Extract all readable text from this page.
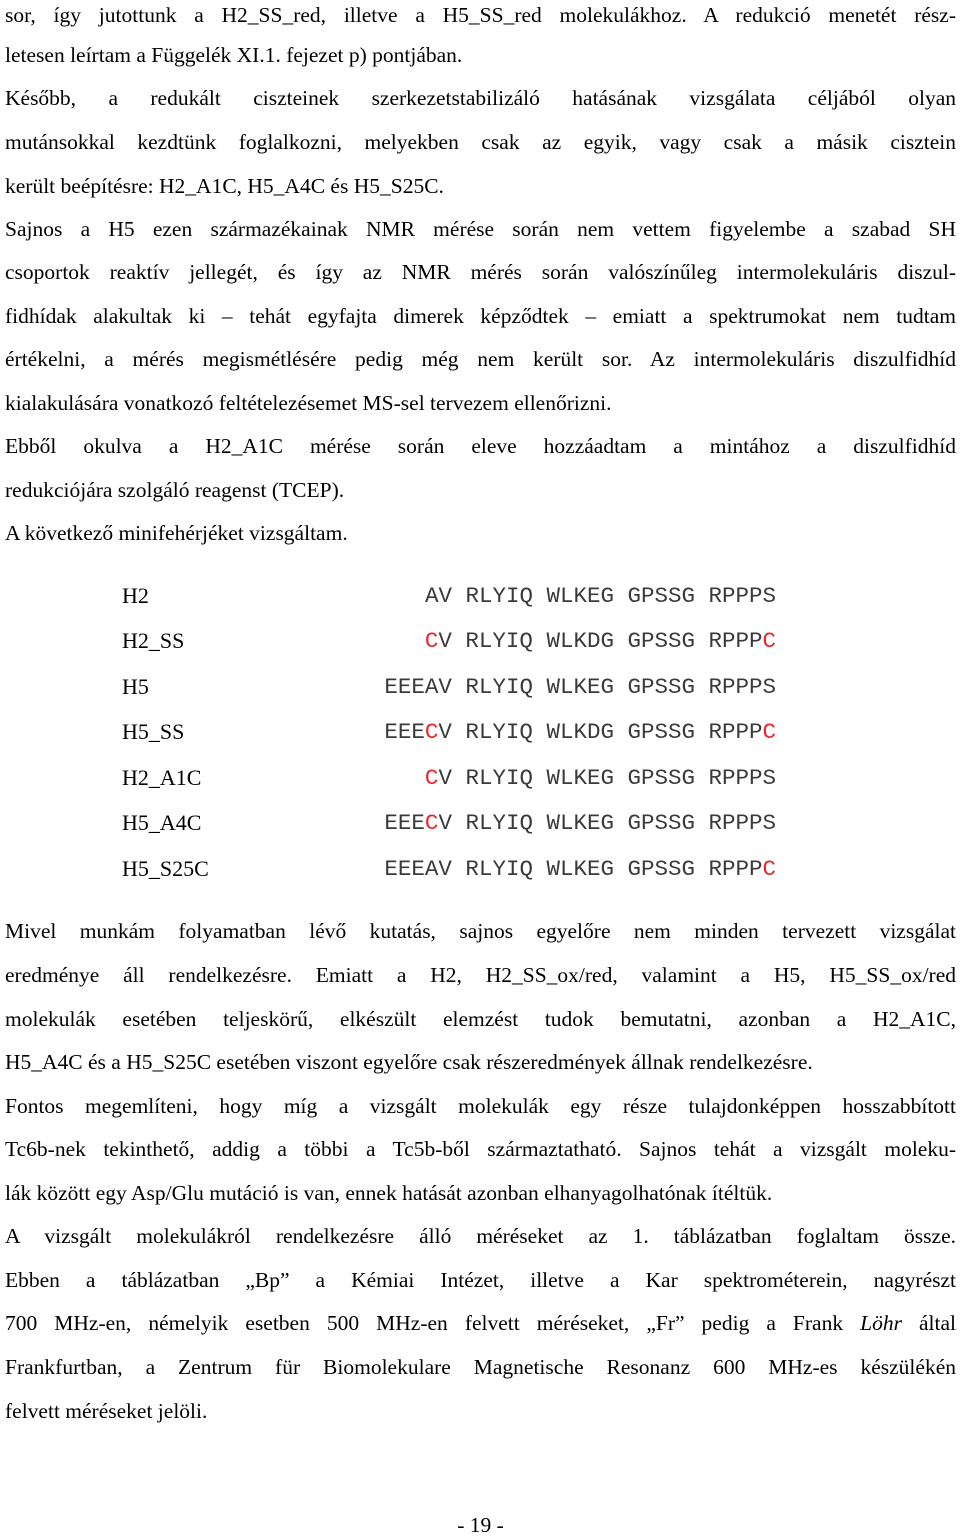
sor, így jutottunk a H2_SS_red, illetve a H5_SS_red molekulákhoz. A redukció menetét rész-
letesen leírtam a Függelék XI.1. fejezet p) pontjában.
Később, a redukált ciszteinek szerkezetstabilizáló hatásának vizsgálata céljából olyan
mutánsokkal kezdtünk foglalkozni, melyekben csak az egyik, vagy csak a másik cisztein
került beépítésre: H2_A1C, H5_A4C és H5_S25C.
Sajnos a H5 ezen származékainak NMR mérése során nem vettem figyelembe a szabad SH
csoportok reaktív jellegét, és így az NMR mérés során valószínűleg intermolekuláris diszul-
fidhídak alakultak ki – tehát egyfajta dimerek képződtek – emiatt a spektrumokat nem tudtam
értékelni, a mérés megismétlésére pedig még nem került sor. Az intermolekuláris diszulfidhíd
kialakulására vonatkozó feltételezésemet MS-sel tervezem ellenőrizni.
Ebből okulva a H2_A1C mérése során eleve hozzáadtam a mintához a diszulfidhíd
redukciójára szolgáló reagenst (TCEP).
A következő minifehérjéket vizsgáltam.
H2	AV RLYIQ WLKEG GPSSG RPPPS
H2_SS	CV RLYIQ WLKDG GPSSG RPPPC
H5	EEEAV RLYIQ WLKEG GPSSG RPPPS
H5_SS	EEECV RLYIQ WLKDG GPSSG RPPPC
H2_A1C	CV RLYIQ WLKEG GPSSG RPPPS
H5_A4C	EEECV RLYIQ WLKEG GPSSG RPPPS
H5_S25C	EEEAV RLYIQ WLKEG GPSSG RPPPC
Mivel munkám folyamatban lévő kutatás, sajnos egyelőre nem minden tervezett vizsgálat
eredménye áll rendelkezésre. Emiatt a H2, H2_SS_ox/red, valamint a H5, H5_SS_ox/red
molekulák esetében teljeskörű, elkészült elemzést tudok bemutatni, azonban a H2_A1C,
H5_A4C és a H5_S25C esetében viszont egyelőre csak részeredmények állnak rendelkezésre.
Fontos megemlíteni, hogy míg a vizsgált molekulák egy része tulajdonképpen hosszabbított
Tc6b-nek tekinthető, addig a többi a Tc5b-ből származtatható. Sajnos tehát a vizsgált moleku-
lák között egy Asp/Glu mutáció is van, ennek hatását azonban elhanyagolhatónak ítéltük.
A vizsgált molekulákról rendelkezésre álló méréseket az 1. táblázatban foglaltam össze.
Ebben a táblázatban „Bp” a Kémiai Intézet, illetve a Kar spektrométerein, nagyrészt
700 MHz-en, némelyik esetben 500 MHz-en felvett méréseket, „Fr” pedig a Frank Löhr által
Frankfurtban, a Zentrum für Biomolekulare Magnetische Resonanz 600 MHz-es készülékén
felvett méréseket jelöli.
- 19 -
